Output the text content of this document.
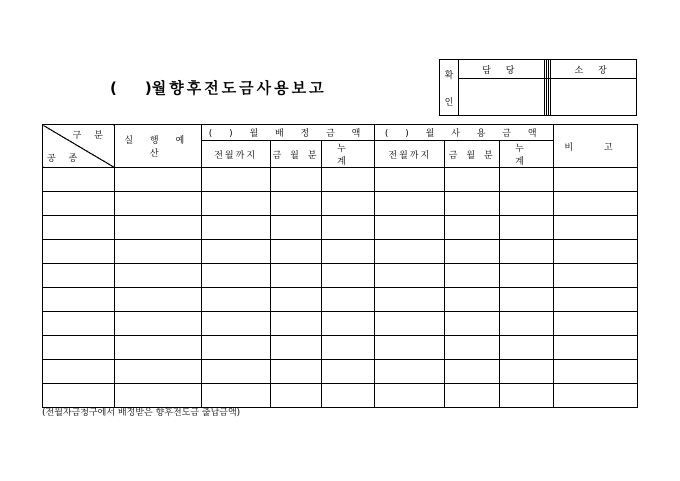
( )월향후전도금사용보고
확
인	담 당				소 장

구 분
공 종	실 행 예 산	( ) 월 배 정 금 액			( ) 월 사 용 금 액			비 고
		전월까지	금 월 분	누 계	전월까지	금 월 분	누 계	

(전월자금청구에서 배정받은 향후전도금 출납금액)
